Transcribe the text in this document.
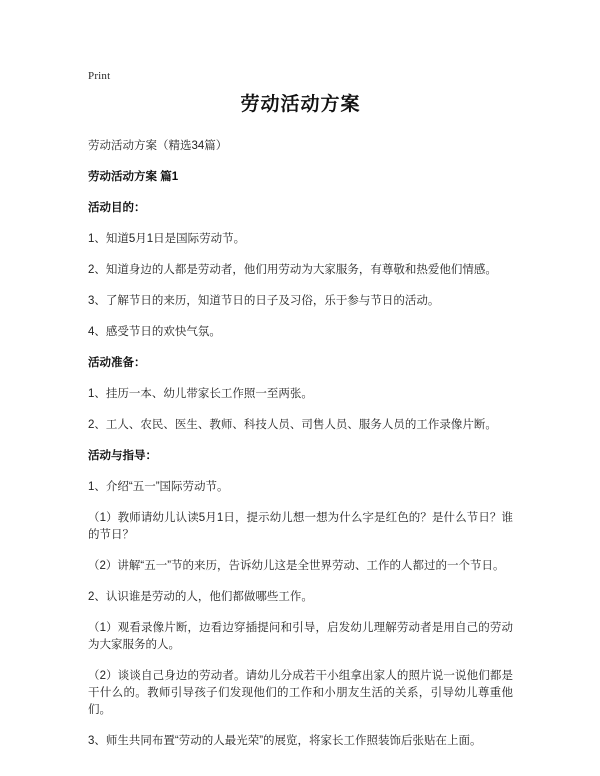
Print
劳动活动方案

劳动活动方案（精选34篇）

劳动活动方案 篇1

活动目的：

1、知道5月1日是国际劳动节。

2、知道身边的人都是劳动者，他们用劳动为大家服务，有尊敬和热爱他们情感。

3、了解节日的来历，知道节日的日子及习俗，乐于参与节日的活动。

4、感受节日的欢快气氛。

活动准备：

1、挂历一本、幼儿带家长工作照一至两张。

2、工人、农民、医生、教师、科技人员、司售人员、服务人员的工作录像片断。

活动与指导：

1、介绍“五一”国际劳动节。

（1）教师请幼儿认读5月1日，提示幼儿想一想为什么字是红色的？是什么节日？谁的节日？

（2）讲解“五一”节的来历，告诉幼儿这是全世界劳动、工作的人都过的一个节日。

2、认识谁是劳动的人，他们都做哪些工作。

（1）观看录像片断，边看边穿插提问和引导，启发幼儿理解劳动者是用自己的劳动为大家服务的人。

（2）谈谈自己身边的劳动者。请幼儿分成若干小组拿出家人的照片说一说他们都是干什么的。教师引导孩子们发现他们的工作和小朋友生活的关系，引导幼儿尊重他们。

3、师生共同布置“劳动的人最光荣”的展览，将家长工作照装饰后张贴在上面。
